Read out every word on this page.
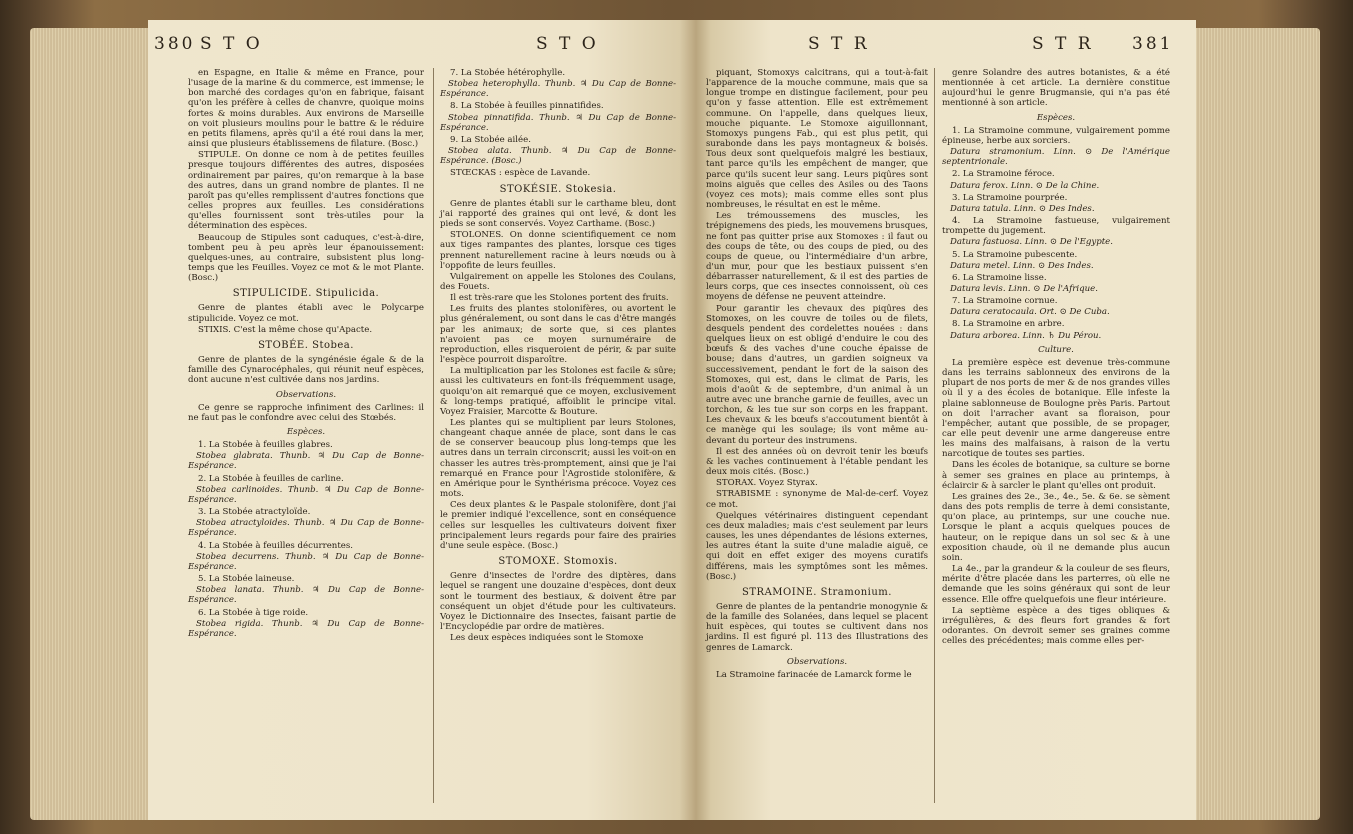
380 S T O	S T O

en Espagne, en Italie & même en France, pour l'usage de la marine & du commerce, est immense; le bon marché des cordages qu'on en fabrique, faisant qu'on les préfère à celles de chanvre, quoique moins fortes & moins durables. Aux environs de Marseille on voit plusieurs moulins pour le battre & le réduire en petits filamens, après qu'il a été roui dans la mer, ainsi que plusieurs établissemens de filature. (Bosc.)

STIPULE. On donne ce nom à de petites feuilles presque toujours différentes des autres, disposées ordinairement par paires, qu'on remarque à la base des autres, dans un grand nombre de plantes. Il ne paroît pas qu'elles remplissent d'autres fonctions que celles propres aux feuilles. Les considérations qu'elles fournissent sont très-utiles pour la détermination des espèces.

Beaucoup de Stipules sont caduques, c'est-à-dire, tombent peu à peu après leur épanouissement: quelques-unes, au contraire, subsistent plus long-temps que les Feuilles. Voyez ce mot & le mot Plante. (Bosc.)

STIPULICIDE. Stipulicida.

Genre de plantes établi avec le Polycarpe stipulicide. Voyez ce mot.

STIXIS. C'est la même chose qu'Apacte.

STOBÉE. Stobea.

Genre de plantes de la syngénésie égale & de la famille des Cynarocéphales, qui réunit neuf espèces, dont aucune n'est cultivée dans nos jardins.

Observations.

Ce genre se rapproche infiniment des Carlines: il ne faut pas le confondre avec celui des Stœbés.

Espèces.

1. La Stobée à feuilles glabres.

Stobea glabrata. Thunb. ♃ Du Cap de Bonne-Espérance.

2. La Stobée à feuilles de carline.

Stobea carlinoides. Thunb. ♃ Du Cap de Bonne-Espérance.

3. La Stobée atractyloïde.

Stobea atractyloides. Thunb. ♃ Du Cap de Bonne-Espérance.

4. La Stobée à feuilles décurrentes.

Stobea decurrens. Thunb. ♃ Du Cap de Bonne-Espérance.

5. La Stobée laineuse.

Stobea lanata. Thunb. ♃ Du Cap de Bonne-Espérance.

6. La Stobée à tige roide.

Stobea rigida. Thunb. ♃ Du Cap de Bonne-Espérance.

7. La Stobée hétérophylle.

Stobea heterophylla. Thunb. ♃ Du Cap de Bonne-Espérance.

8. La Stobée à feuilles pinnatifides.

Stobea pinnatifida. Thunb. ♃ Du Cap de Bonne-Espérance.

9. La Stobée ailée.

Stobea alata. Thunb. ♃ Du Cap de Bonne-Espérance. (Bosc.)

STŒCKAS : espèce de Lavande.

STOKÉSIE. Stokesia.

Genre de plantes établi sur le carthame bleu, dont j'ai rapporté des graines qui ont levé, & dont les pieds se sont conservés. Voyez Carthame. (Bosc.)

STOLONES. On donne scientifiquement ce nom aux tiges rampantes des plantes, lorsque ces tiges prennent naturellement racine à leurs nœuds ou à l'oppofite de leurs feuilles.

Vulgairement on appelle les Stolones des Coulans, des Fouets.

Il est très-rare que les Stolones portent des fruits.

Les fruits des plantes stolonifères, ou avortent le plus généralement, ou sont dans le cas d'être mangés par les animaux; de sorte que, si ces plantes n'avoient pas ce moyen surnuméraire de reproduction, elles risqueroient de périr, & par suite l'espèce pourroit disparoître.

La multiplication par les Stolones est facile & sûre; aussi les cultivateurs en font-ils fréquemment usage, quoiqu'on ait remarqué que ce moyen, exclusivement & long-temps pratiqué, affoiblit le principe vital. Voyez Fraisier, Marcotte & Bouture.

Les plantes qui se multiplient par leurs Stolones, changeant chaque année de place, sont dans le cas de se conserver beaucoup plus long-temps que les autres dans un terrain circonscrit; aussi les voit-on en chasser les autres très-promptement, ainsi que je l'ai remarqué en France pour l'Agrostide stolonifère, & en Amérique pour le Synthérisma précoce. Voyez ces mots.

Ces deux plantes & le Paspale stolonifère, dont j'ai le premier indiqué l'excellence, sont en conséquence celles sur lesquelles les cultivateurs doivent fixer principalement leurs regards pour faire des prairies d'une seule espèce. (Bosc.)

STOMOXE. Stomoxis.

Genre d'insectes de l'ordre des diptères, dans lequel se rangent une douzaine d'espèces, dont deux sont le tourment des bestiaux, & doivent être par conséquent un objet d'étude pour les cultivateurs. Voyez le Dictionnaire des Insectes, faisant partie de l'Encyclopédie par ordre de matières.

Les deux espèces indiquées sont le Stomoxe

S T R	S T R 381

piquant, Stomoxys calcitrans, qui a tout-à-fait l'apparence de la mouche commune, mais que sa longue trompe en distingue facilement, pour peu qu'on y fasse attention. Elle est extrêmement commune. On l'appelle, dans quelques lieux, mouche piquante. Le Stomoxe aiguillonnant, Stomoxys pungens Fab., qui est plus petit, qui surabonde dans les pays montagneux & boisés. Tous deux sont quelquefois malgré les bestiaux, tant parce qu'ils les empêchent de manger, que parce qu'ils sucent leur sang. Leurs piqûres sont moins aiguës que celles des Asiles ou des Taons (voyez ces mots); mais comme elles sont plus nombreuses, le résultat en est le même.

Les trémoussemens des muscles, les trépignemens des pieds, les mouvemens brusques, ne font pas quitter prise aux Stomoxes : il faut ou des coups de tête, ou des coups de pied, ou des coups de queue, ou l'intermédiaire d'un arbre, d'un mur, pour que les bestiaux puissent s'en débarrasser naturellement, & il est des parties de leurs corps, que ces insectes connoissent, où ces moyens de défense ne peuvent atteindre.

Pour garantir les chevaux des piqûres des Stomoxes, on les couvre de toiles ou de filets, desquels pendent des cordelettes nouées : dans quelques lieux on est obligé d'enduire le cou des bœufs & des vaches d'une couche épaisse de bouse; dans d'autres, un gardien soigneux va successivement, pendant le fort de la saison des Stomoxes, qui est, dans le climat de Paris, les mois d'août & de septembre, d'un animal à un autre avec une branche garnie de feuilles, avec un torchon, & les tue sur son corps en les frappant. Les chevaux & les bœufs s'accoutument bientôt à ce manège qui les soulage; ils vont même au-devant du porteur des instrumens.

Il est des années où on devroit tenir les bœufs & les vaches continuement à l'étable pendant les deux mois cités. (Bosc.)

STORAX. Voyez Styrax.

STRABISME : synonyme de Mal-de-cerf. Voyez ce mot.

Quelques vétérinaires distinguent cependant ces deux maladies; mais c'est seulement par leurs causes, les unes dépendantes de lésions externes, les autres étant la suite d'une maladie aiguë, ce qui doit en effet exiger des moyens curatifs différens, mais les symptômes sont les mêmes. (Bosc.)

STRAMOINE. Stramonium.

Genre de plantes de la pentandrie monogynie & de la famille des Solanées, dans lequel se placent huit espèces, qui toutes se cultivent dans nos jardins. Il est figuré pl. 113 des Illustrations des genres de Lamarck.

Observations.

La Stramoine farinacée de Lamarck forme le

genre Solandre des autres botanistes, & a été mentionnée à cet article. La dernière constitue aujourd'hui le genre Brugmansie, qui n'a pas été mentionné à son article.

Espèces.

1. La Stramoine commune, vulgairement pomme épineuse, herbe aux sorciers.

Datura stramonium. Linn. ⊙ De l'Amérique septentrionale.

2. La Stramoine féroce.

Datura ferox. Linn. ⊙ De la Chine.

3. La Stramoine pourprée.

Datura tatula. Linn. ⊙ Des Indes.

4. La Stramoine fastueuse, vulgairement trompette du jugement.

Datura fastuosa. Linn. ⊙ De l'Egypte.

5. La Stramoine pubescente.

Datura metel. Linn. ⊙ Des Indes.

6. La Stramoine lisse.

Datura levis. Linn. ⊙ De l'Afrique.

7. La Stramoine cornue.

Datura ceratocaula. Ort. ⊙ De Cuba.

8. La Stramoine en arbre.

Datura arborea. Linn. ♄ Du Pérou.

Culture.

La première espèce est devenue très-commune dans les terrains sablonneux des environs de la plupart de nos ports de mer & de nos grandes villes où il y a des écoles de botanique. Elle infeste la plaine sablonneuse de Boulogne près Paris. Partout on doit l'arracher avant sa floraison, pour l'empêcher, autant que possible, de se propager, car elle peut devenir une arme dangereuse entre les mains des malfaisans, à raison de la vertu narcotique de toutes ses parties.

Dans les écoles de botanique, sa culture se borne à semer ses graines en place au printemps, à éclaircir & à sarcler le plant qu'elles ont produit.

Les graines des 2e., 3e., 4e., 5e. & 6e. se sèment dans des pots remplis de terre à demi consistante, qu'on place, au printemps, sur une couche nue. Lorsque le plant a acquis quelques pouces de hauteur, on le repique dans un sol sec & à une exposition chaude, où il ne demande plus aucun soin.

La 4e., par la grandeur & la couleur de ses fleurs, mérite d'être placée dans les parterres, où elle ne demande que les soins généraux qui sont de leur essence. Elle offre quelquefois une fleur intérieure.

La septième espèce a des tiges obliques & irrégulières, & des fleurs fort grandes & fort odorantes. On devroit semer ses graines comme celles des précédentes; mais comme elles per-
